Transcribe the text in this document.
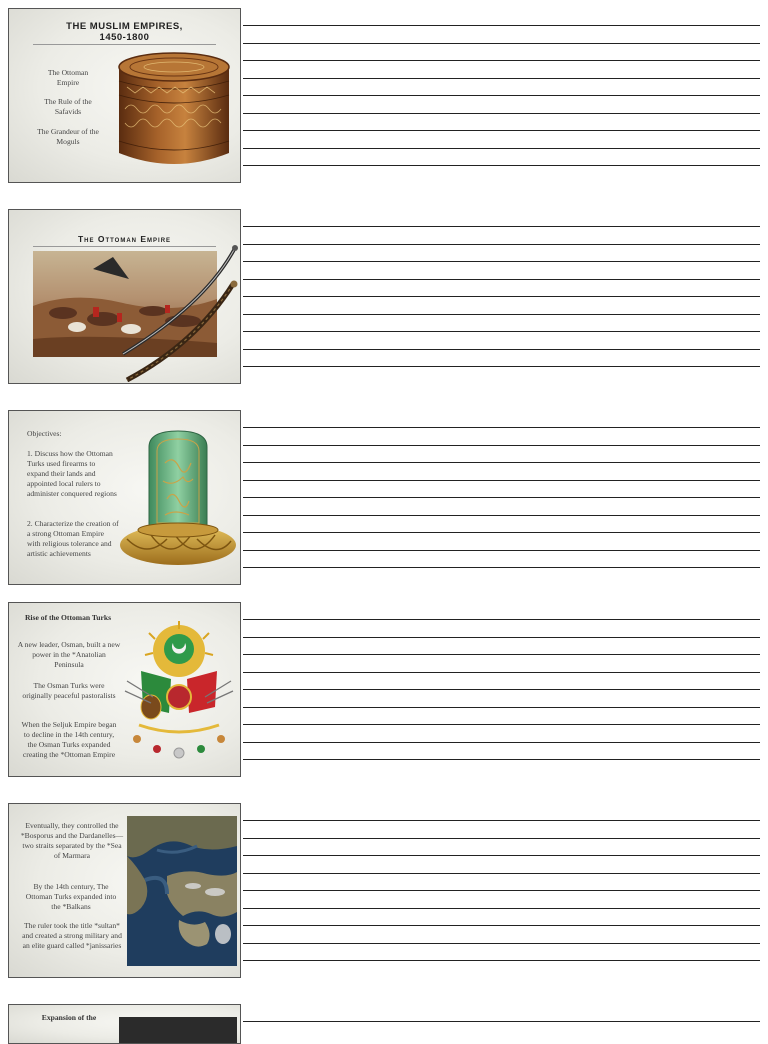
THE MUSLIM EMPIRES,
1450-1800
The Ottoman Empire
The Rule of the Safavids
The Grandeur of the Moguls
The Ottoman Empire
Objectives:
1. Discuss how the Ottoman Turks used firearms to expand their lands and appointed local rulers to administer conquered regions
2. Characterize the creation of a strong Ottoman Empire with religious tolerance and artistic achievements
Rise of the Ottoman Turks
A new leader, Osman, built a new power in the *Anatolian Peninsula
The Osman Turks were originally peaceful pastoralists
When the Seljuk Empire began to decline in the 14th century, the Osman Turks expanded creating the *Ottoman Empire
Eventually, they controlled the *Bosporus and the Dardanelles—two straits separated by the *Sea of Marmara
By the 14th century, The Ottoman Turks expanded into the *Balkans
The ruler took the title *sultan* and created a strong military and an elite guard called *janissaries
Expansion of the
